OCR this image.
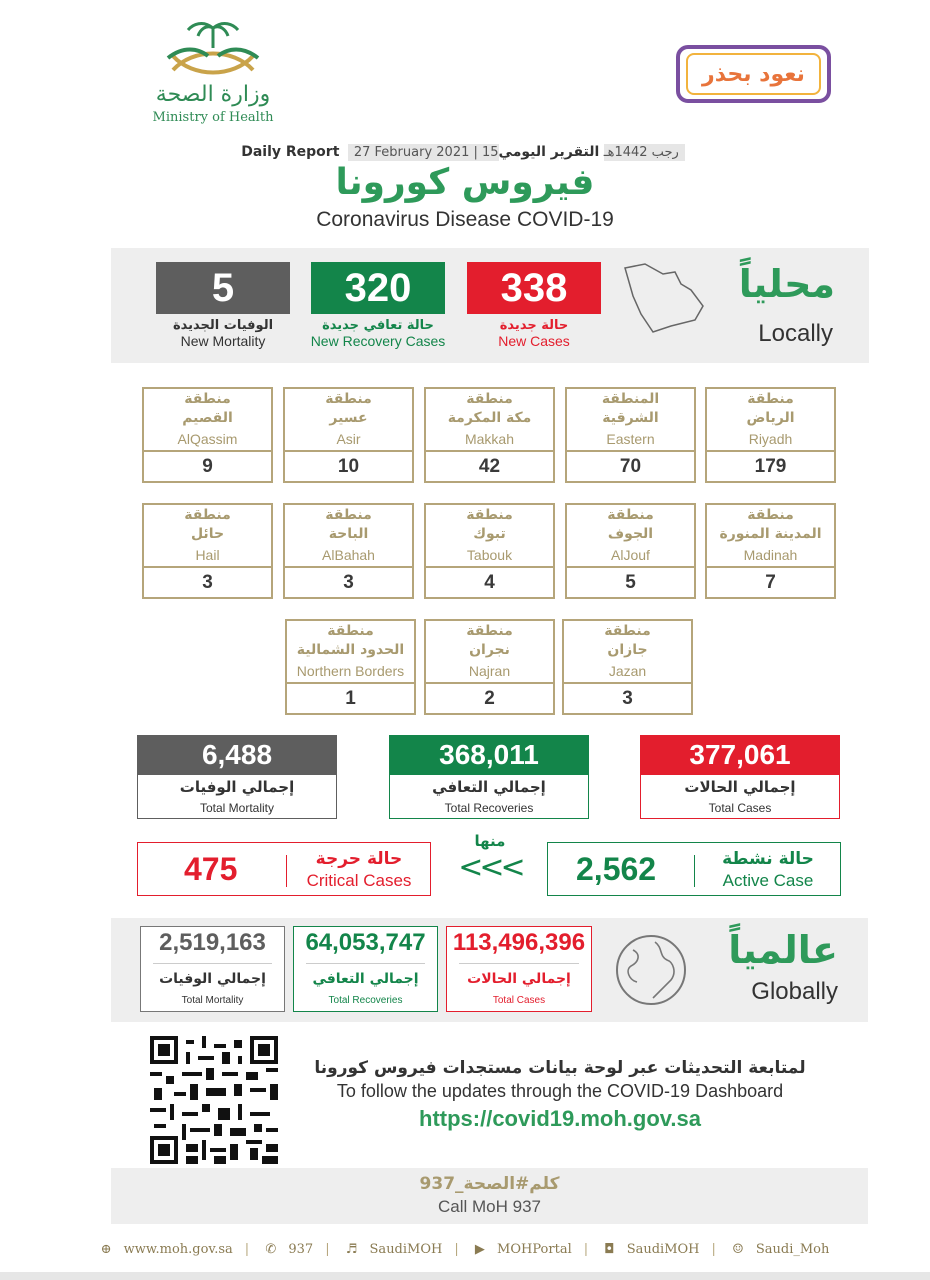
وزارة الصحة
Ministry of Health
نعود بحذر
Daily Report 27 February 2021 | 15رجب 1442هـ التقرير اليومي
فيروس كورونا
Coronavirus Disease COVID-19
5
الوفيات الجديدة
New Mortality
320
حالة تعافي جديدة
New Recovery Cases
338
حالة جديدة
New Cases
محلياً
Locally
منطقة
الرياض
Riyadh
179
المنطقة
الشرقية
Eastern
70
منطقة
مكة المكرمة
Makkah
42
منطقة
عسير
Asir
10
منطقة
القصيم
AlQassim
9
منطقة
المدينة المنورة
Madinah
7
منطقة
الجوف
AlJouf
5
منطقة
تبوك
Tabouk
4
منطقة
الباحة
AlBahah
3
منطقة
حائل
Hail
3
منطقة
جازان
Jazan
3
منطقة
نجران
Najran
2
منطقة
الحدود الشمالية
Northern Borders
1
6,488
إجمالي الوفيات
Total Mortality
368,011
إجمالي التعافي
Total Recoveries
377,061
إجمالي الحالات
Total Cases
475	حالة حرجة
Critical Cases
منها
<<<	2,562	حالة نشطة
Active Case
2,519,163
إجمالي الوفيات
Total Mortality
64,053,747
إجمالي التعافي
Total Recoveries
113,496,396
إجمالي الحالات
Total Cases
عالمياً
Globally
لمتابعة التحديثات عبر لوحة بيانات مستجدات فيروس كورونا
To follow the updates through the COVID-19 Dashboard
https://covid19.moh.gov.sa
كلم#الصحة_937
Call MoH 937
⊕ www.moh.gov.sa | ✆ 937 | ♬ SaudiMOH | ▶ MOHPortal | ◘ SaudiMOH | ☺ Saudi_Moh
